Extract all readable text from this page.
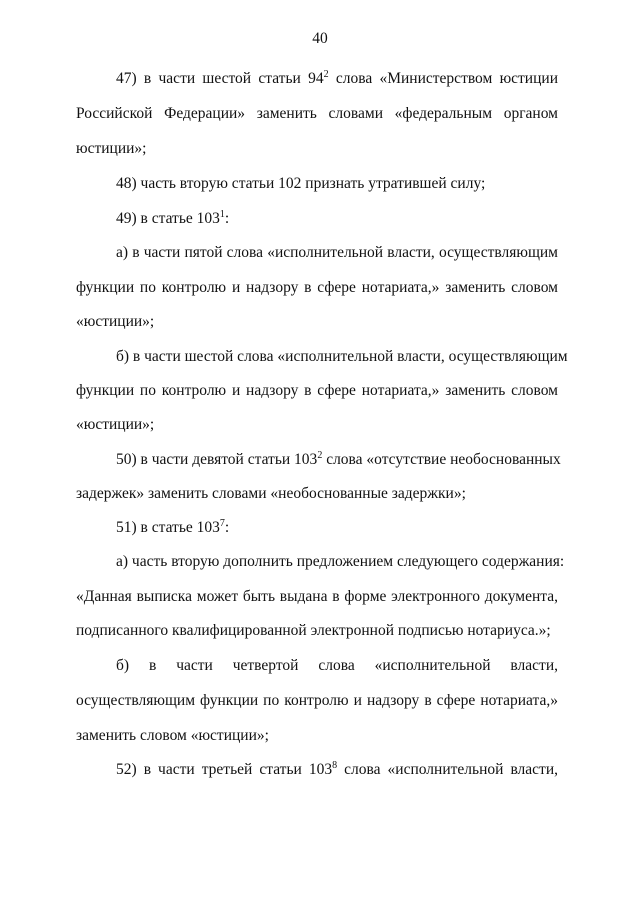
40
47) в части шестой статьи $94^2$ слова «Министерством юстиции
Российской Федерации» заменить словами «федеральным органом
юстиции»;
48) часть вторую статьи 102 признать утратившей силу;
49) в статье $103^1$:
а) в части пятой слова «исполнительной власти, осуществляющим
функции по контролю и надзору в сфере нотариата,» заменить словом
«юстиции»;
б) в части шестой слова «исполнительной власти, осуществляющим
функции по контролю и надзору в сфере нотариата,» заменить словом
«юстиции»;
50) в части девятой статьи $103^2$ слова «отсутствие необоснованных
задержек» заменить словами «необоснованные задержки»;
51) в статье $103^7$:
а) часть вторую дополнить предложением следующего содержания:
«Данная выписка может быть выдана в форме электронного документа,
подписанного квалифицированной электронной подписью нотариуса.»;
б) в части четвертой слова «исполнительной власти,
осуществляющим функции по контролю и надзору в сфере нотариата,»
заменить словом «юстиции»;
52) в части третьей статьи $103^8$ слова «исполнительной власти,
